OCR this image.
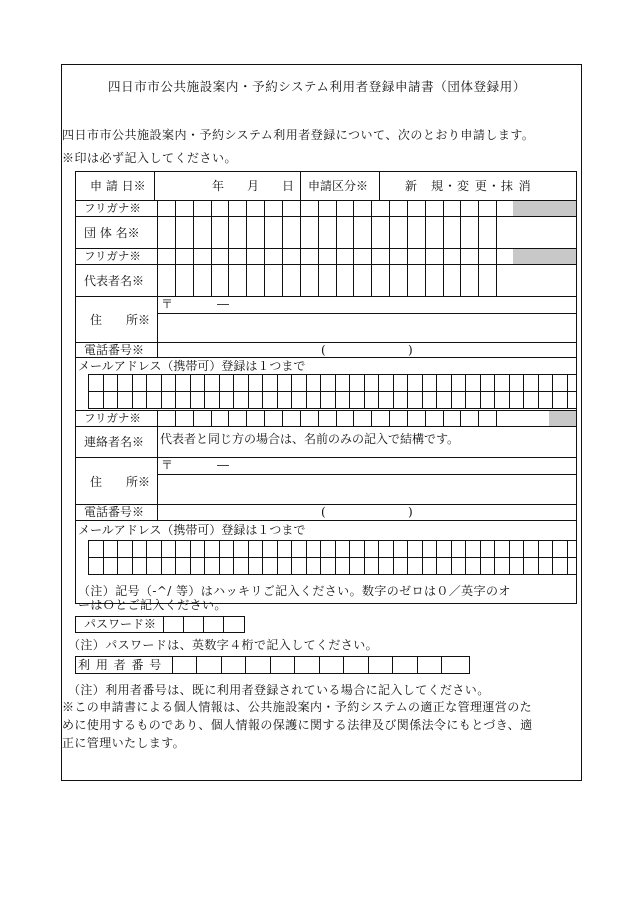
四日市市公共施設案内・予約システム利用者登録申請書（団体登録用）
四日市市公共施設案内・予約システム利用者登録について、次のとおり申請します。
※印は必ず記入してください。
申 請 日※	年 月 日 申請区分※	新　規・変 更・抹 消
フリガナ※
団 体 名※
フリガナ※
代表者名※
住　　所※
〒	―
電話番号※	(	)
メールアドレス（携帯可）登録は１つまで
フリガナ※
連絡者名※ 代表者と同じ方の場合は、名前のみの記入で結構です。
住　　所※
〒	―
電話番号※	(	)
メールアドレス（携帯可）登録は１つまで
（注）記号（-^/ 等）はハッキリご記入ください。数字のゼロは０／英字のオ
ーはＯとご記入ください。
パスワード※
（注）パスワードは、英数字４桁で記入してください。
利 用 者 番 号
（注）利用者番号は、既に利用者登録されている場合に記入してください。
※この申請書による個人情報は、公共施設案内・予約システムの適正な管理運営のた
めに使用するものであり、個人情報の保護に関する法律及び関係法令にもとづき、適
正に管理いたします。
